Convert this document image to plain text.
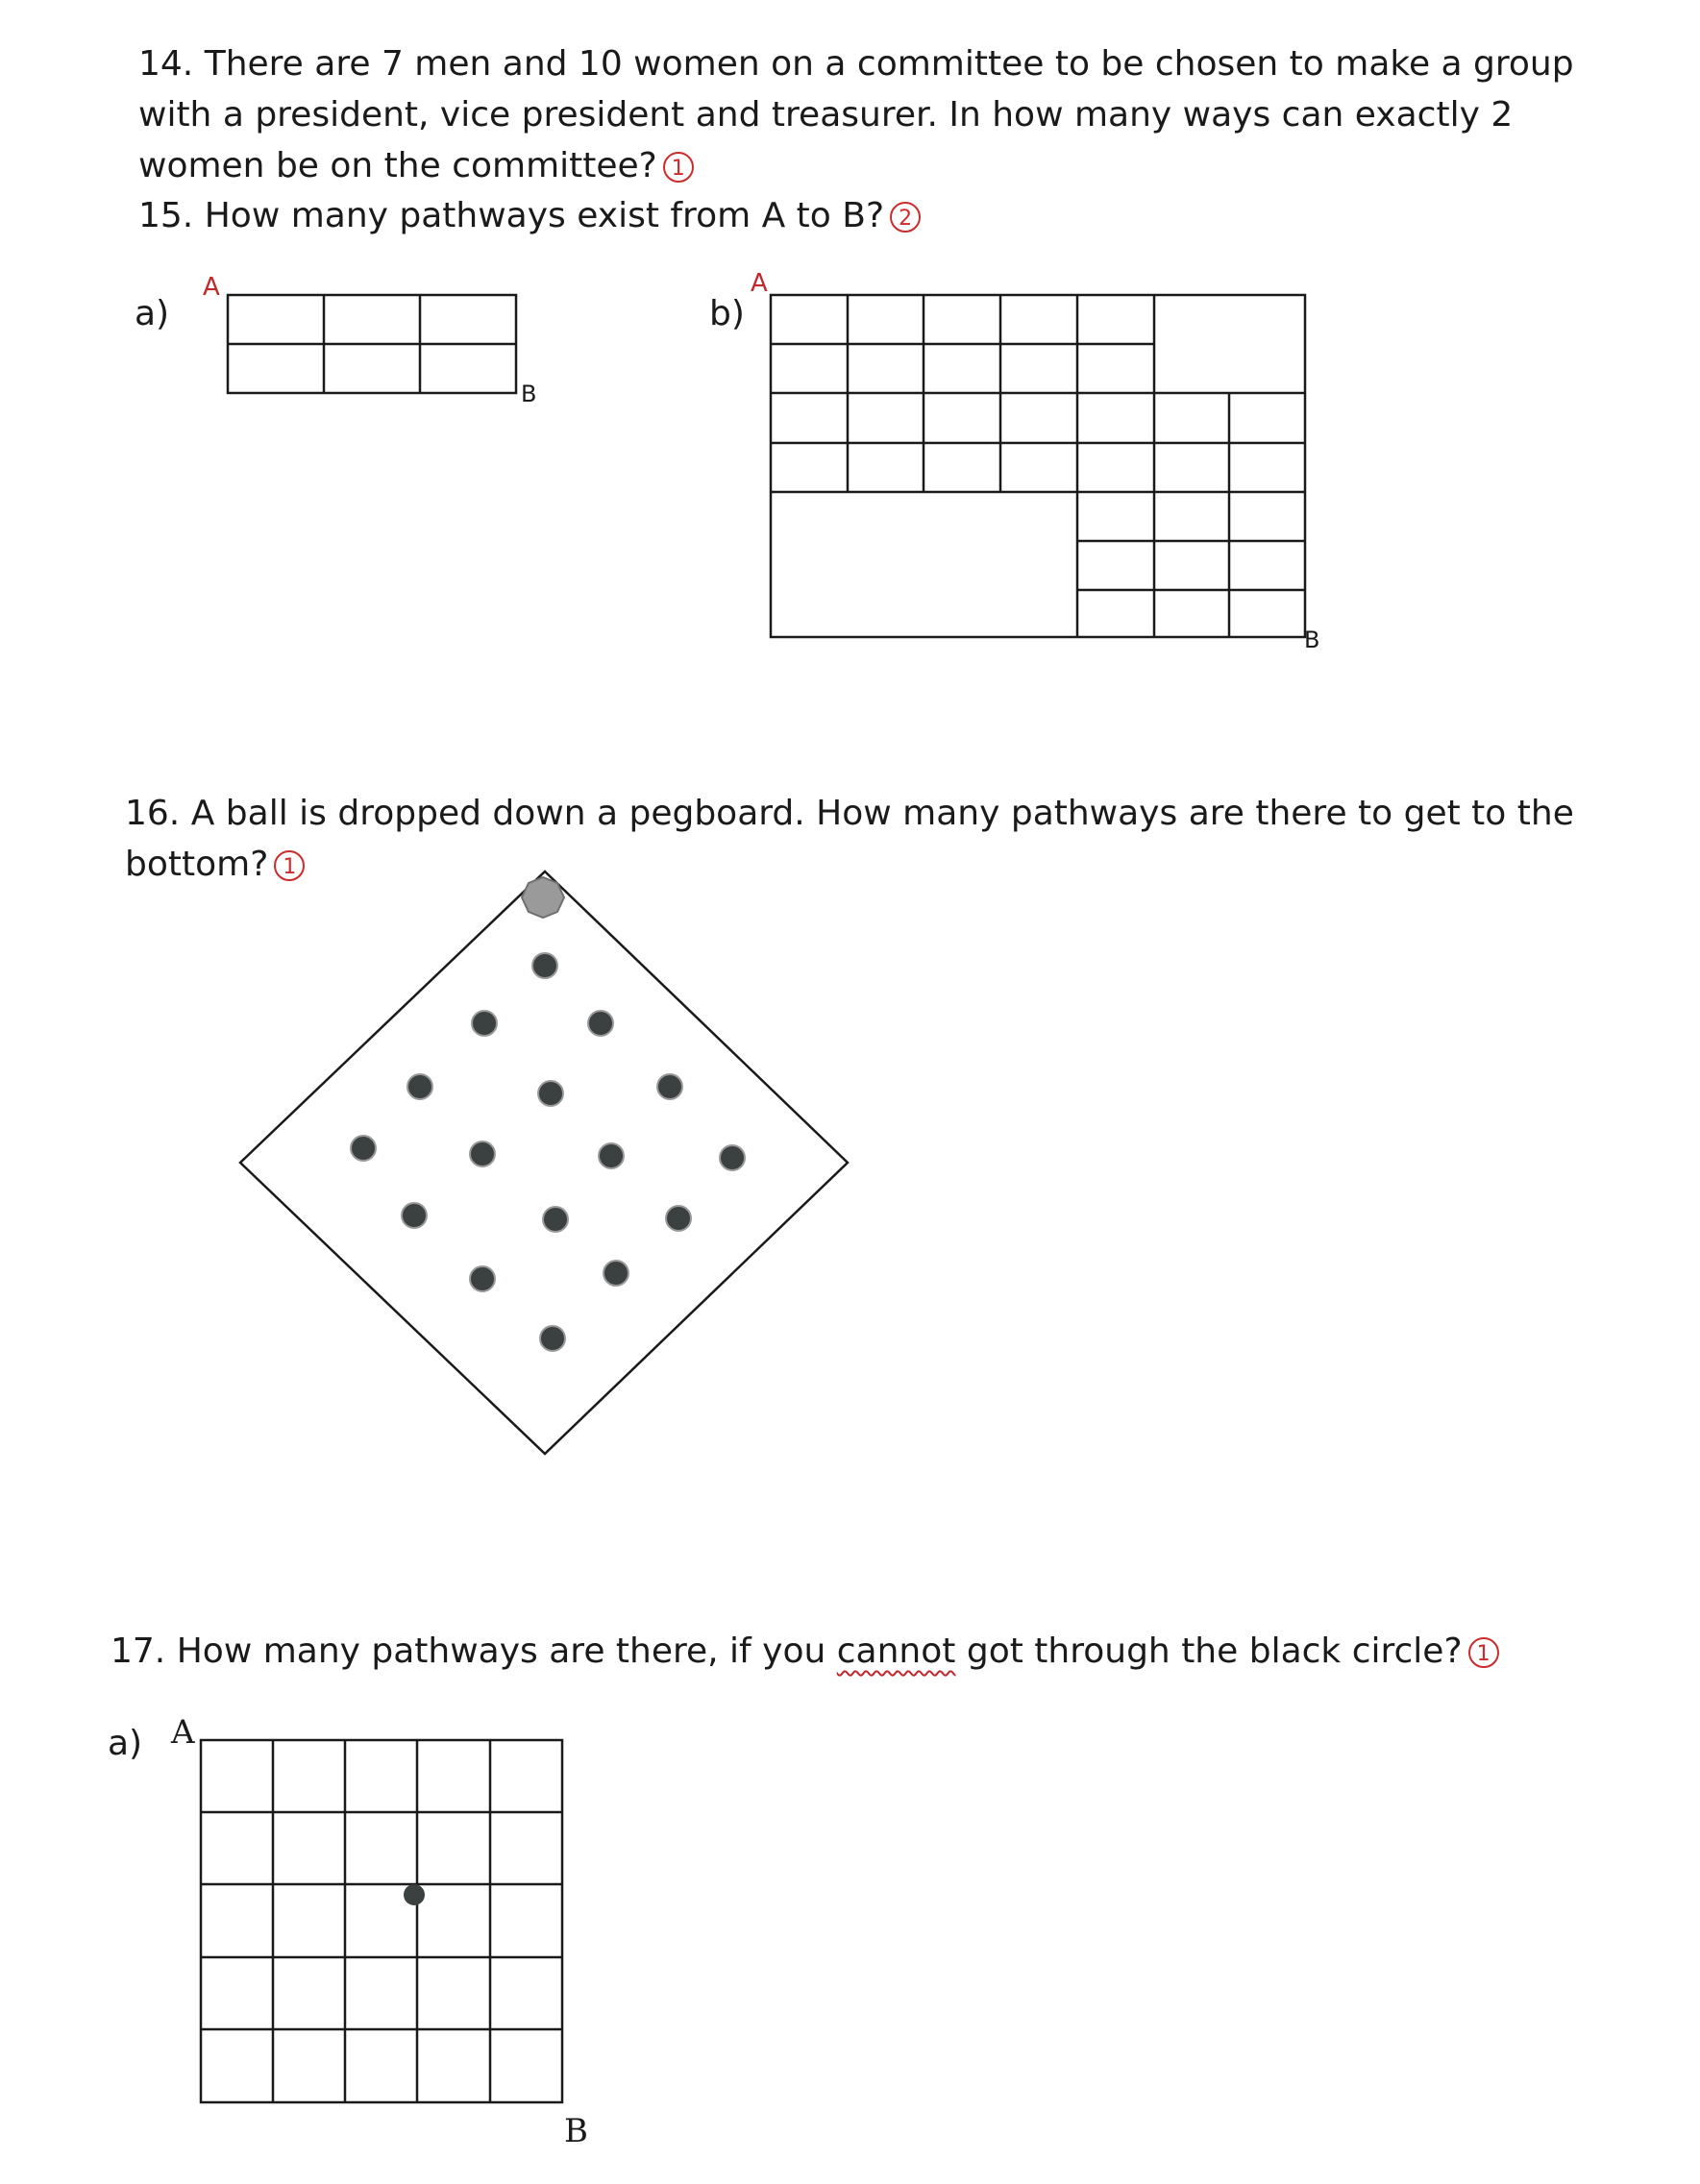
14. There are 7 men and 10 women on a committee to be chosen to make a group
with a president, vice president and treasurer. In how many ways can exactly 2
women be on the committee? 1
15. How many pathways exist from A to B? 2
a)
A
B
b)
A
B
16. A ball is dropped down a pegboard. How many pathways are there to get to the
bottom? 1
17. How many pathways are there, if you cannot got through the black circle? 1
a) A
B
